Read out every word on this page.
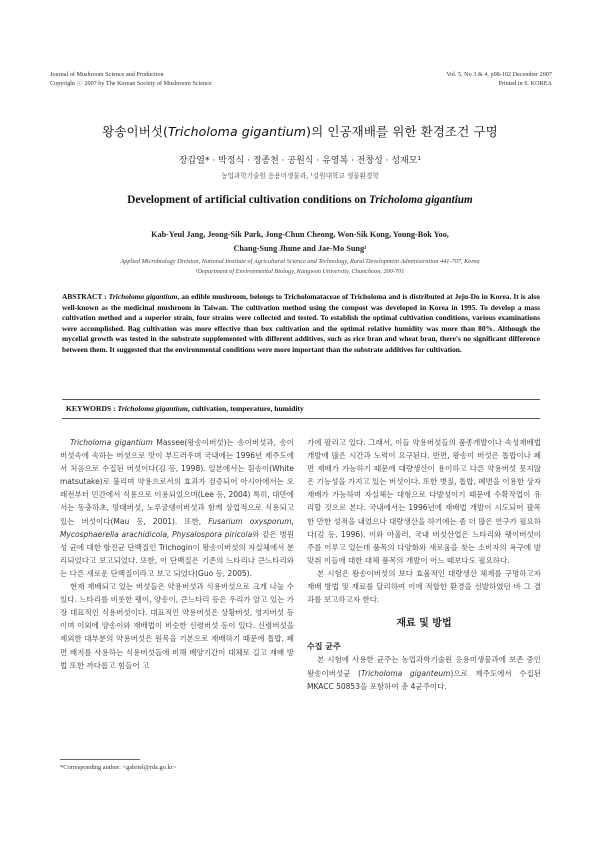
Journal of Mushroom Science and Production
Copyright ⓒ 2007 by The Korean Society of Mushroom Science
Vol. 5, No 3 & 4, p98-102 December 2007
Printed in S. KOREA
왕송이버섯(Tricholoma gigantium)의 인공재배를 위한 환경조건 구명
장갑열* · 박정식 · 정종천 · 공원식 · 유영복 · 전창성 · 성재모¹
농업과학기술원 응용미생물과, ¹강원대학교 생물환경학
Development of artificial cultivation conditions on Tricholoma gigantium
Kab-Yeul Jang, Jeong-Sik Park, Jong-Chun Cheong, Won-Sik Kong, Young-Bok Yoo,
Chang-Sung Jhune and Jae-Mo Sung¹
Applied Microbiology Division, National Institute of Agricultural Science and Technology, Rural Development Administration 441-707, Korea
¹Department of Environmental Biology, Kangwon University, Chuncheon, 200-701
ABSTRACT : Tricholoma gigantium, an edible mushroom, belongs to Tricholomataceae of Tricholoma and is distributed at Jeju-Do in Korea. It is also well-known as the medicinal mushroom in Taiwan. The cultivation method using the compost was developed in Korea in 1995. To develop a mass cultivation method and a superior strain, four strains were collected and tested. To establish the optimal cultivation conditions, various examinations were accomplished. Bag cultivation was more effective than box cultivation and the optimal relative humidity was more than 80%. Although the mycelial growth was tested in the substrate supplemented with different additives, such as rice bran and wheat bran, there's no significant difference between them. It suggested that the environmental conditions were more important than the substrate additives for cultivation.
KEYWORDS : Tricholoma gigantium, cultivation, temperature, humidity

Tricholoma gigantium Massee(왕송이버섯)는 송이버섯과, 송이버섯속에 속하는 버섯으로 맛이 부드러우며 국내에는 1996년 제주도에서 처음으로 수집된 버섯이다(김 등, 1998). 일본에서는 흰송이(White matsutake)로 불리며 약용으로서의 효과가 검증되어 아시아에서는 오래전부터 민간에서 식용으로 이용되었으며(Lee 등, 2004) 특히, 대만에서는 동충하초, 망태버섯, 노루궁뎅이버섯과 함께 상업적으로 식용되고 있는 버섯이다(Mau 등, 2001). 또한, Fusarium oxysporum, Mycosphaerella arachidicola, Physalospora piricola와 같은 병원성 균에 대한 항진균 단백질인 Trichogin이 왕송이버섯의 자실체에서 분리되었다고 보고되었다. 또한, 이 단백질은 기존의 느타리나 큰느타리와는 다른 새로운 단백질이라고 보고 되었다(Guo 등, 2005).

현재 재배되고 있는 버섯들은 약용버섯과 식용버섯으로 크게 나눌 수 있다. 느타리를 비롯한 팽이, 양송이, 큰느타리 등은 우리가 알고 있는 가장 대표적인 식용버섯이다. 대표적인 약용버섯은 상황버섯, 영지버섯 등이며 이외에 양송이와 재배법이 비슷한 신령버섯 등이 있다. 신령버섯을 제외한 대부분의 약용버섯은 원목을 기본으로 재배하기 때문에 톱밥, 폐면 배지를 사용하는 식용버섯들에 비해 배양기간이 대체로 길고 재배 방법 또한 까다롭고 힘들어 고

가에 팔리고 있다. 그래서, 이들 약용버섯들의 품종개발이나 속성재배법 개발에 많은 시간과 노력이 요구된다. 반면, 왕송이 버섯은 톱밥이나 폐면 재배가 가능하기 때문에 대량생산이 용이하고 다른 약용버섯 못지않은 기능성을 가지고 있는 버섯이다. 또한 볏짚, 톱밥, 폐면을 이용한 상자재배가 가능하며 자실체는 대형으로 다발성이기 때문에 수확작업이 유리할 것으로 본다. 국내에서는 1996년에 재배법 개발이 시도되어 괄목한 만한 성적을 내었으나 대량생산을 하기에는 좀 더 많은 연구가 필요하다(김 등, 1996). 이와 아울러, 국내 버섯산업은 느타리와 팽이버섯이 주를 이루고 있는데 품목의 다양화와 새로움을 찾는 소비자의 욕구에 발맞춰 이들에 대한 대체 품목의 개발이 어느 때보다도 필요하다.

본 시험은 왕송이버섯의 보다 효율적인 대량생산 체계를 구명하고자 재배 방법 및 재료를 달리하여 이에 적합한 환경을 선발하였던 바 그 결과를 보고하고자 한다.

재료 및 방법
수집 균주

본 시험에 사용한 균주는 농업과학기술원 응용미생물과에 보존 중인 왕송이버섯균 (Tricholoma giganteum)으로 제주도에서 수집된 MKACC 50853을 포함하여 총 4균주이다.

*Corresponding author: <gabriel@rda.go.kr>
